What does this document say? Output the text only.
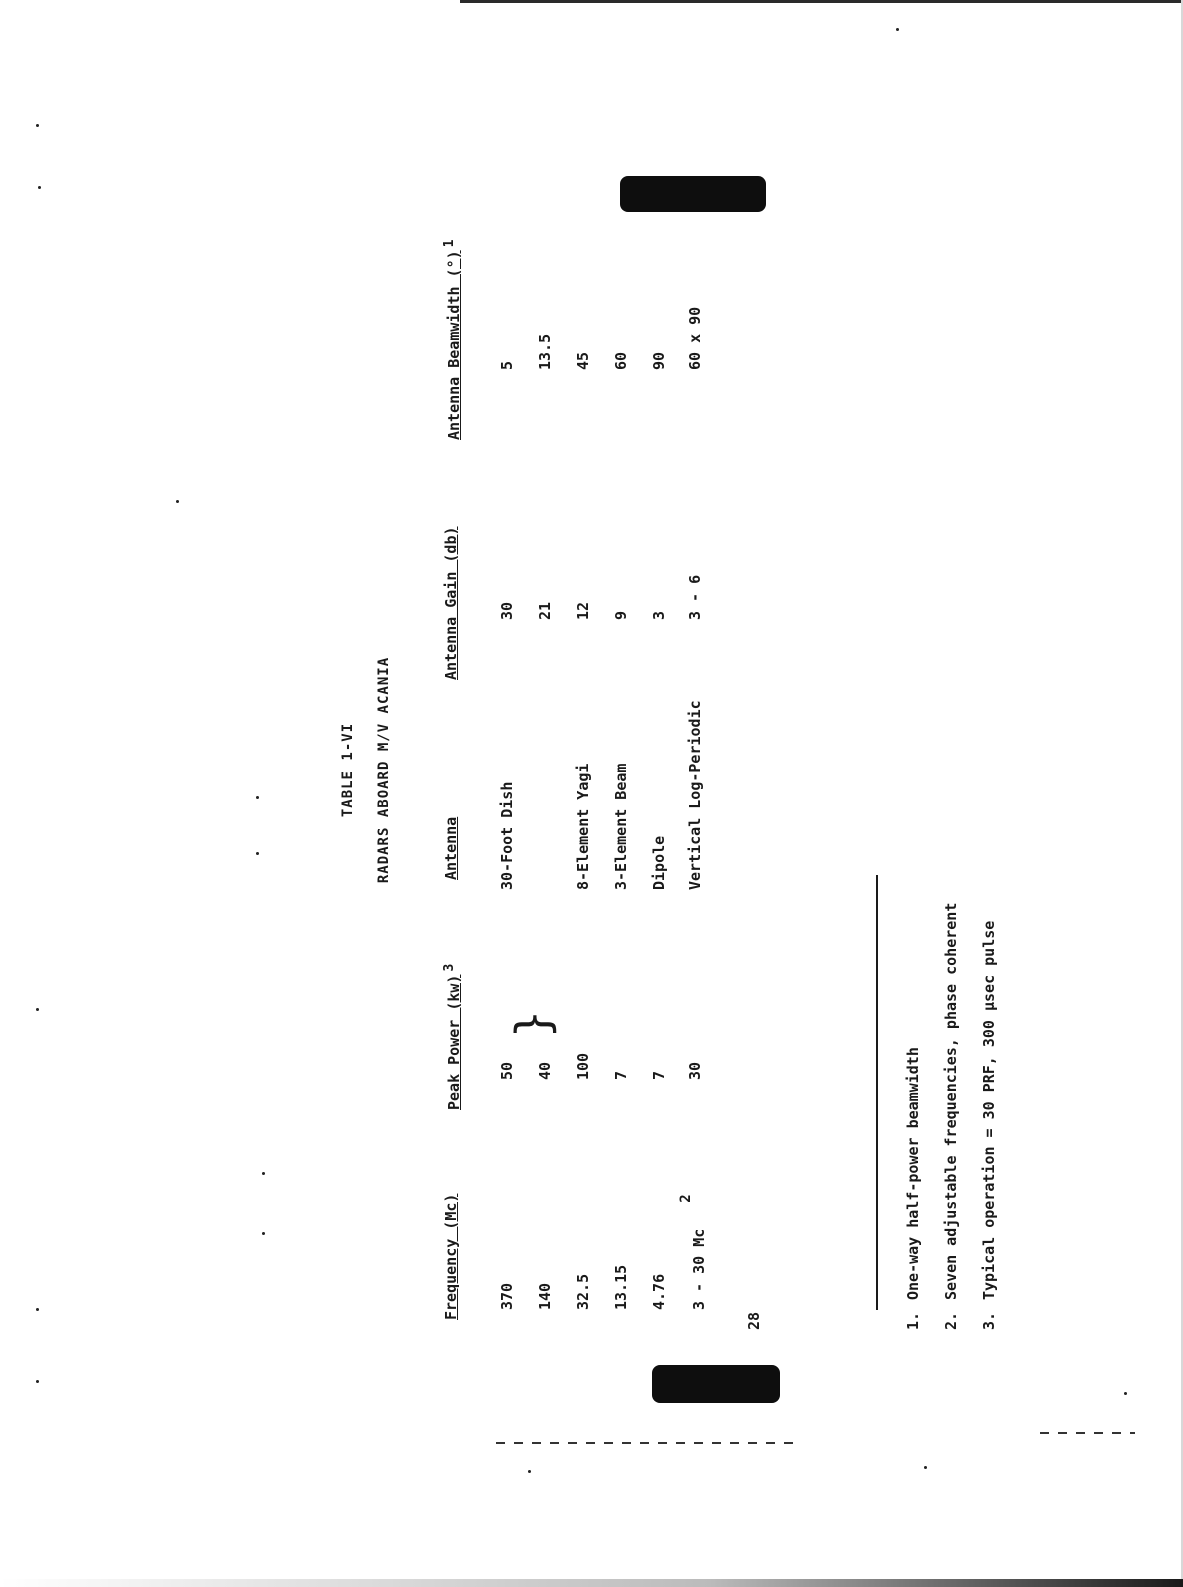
TABLE 1-VI RADARS ABOARD M/V ACANIA
Frequency (Mc)
Peak Power (kw)$^3$
Antenna
Antenna Gain (db)
Antenna Beamwidth (°)$^1$
370
50
30-Foot Dish
30
5
140
40
21
13.5
}
32.5
100
8-Element Yagi
12
45
13.15
7
3-Element Beam
9
60
4.76
7
Dipole
3
90
3 - 30 Mc$^2$
30
Vertical Log-Periodic
3 - 6
60 x 90
28	1.One-way half-power beamwidth
2.Seven adjustable frequencies, phase coherent
3.Typical operation = 30 PRF, 300 µsec pulse
